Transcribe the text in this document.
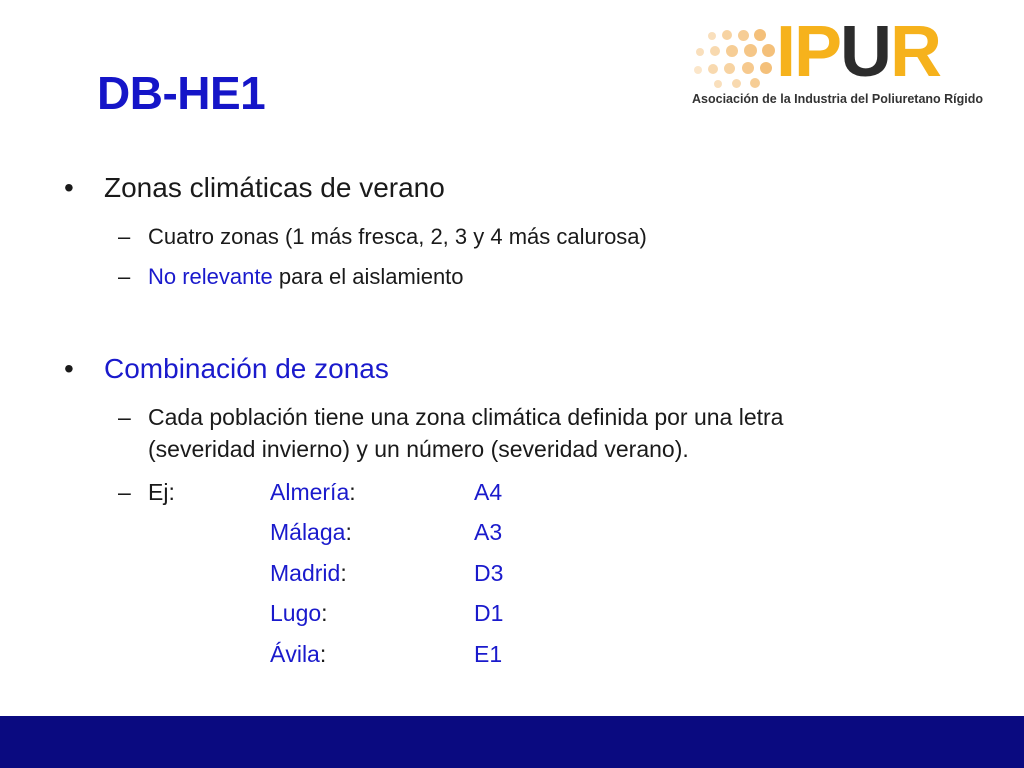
DB-HE1
IPUR
Asociación de la Industria del Poliuretano Rígido
• Zonas climáticas de verano
– Cuatro zonas (1 más fresca, 2, 3 y 4 más calurosa)
– No relevante para el aislamiento
• Combinación de zonas
– Cada población tiene una zona climática definida por una letra
(severidad invierno) y un número (severidad verano).
– Ej:	Almería:	A4
Málaga:	A3
Madrid:	D3
Lugo:	D1
Ávila:	E1
